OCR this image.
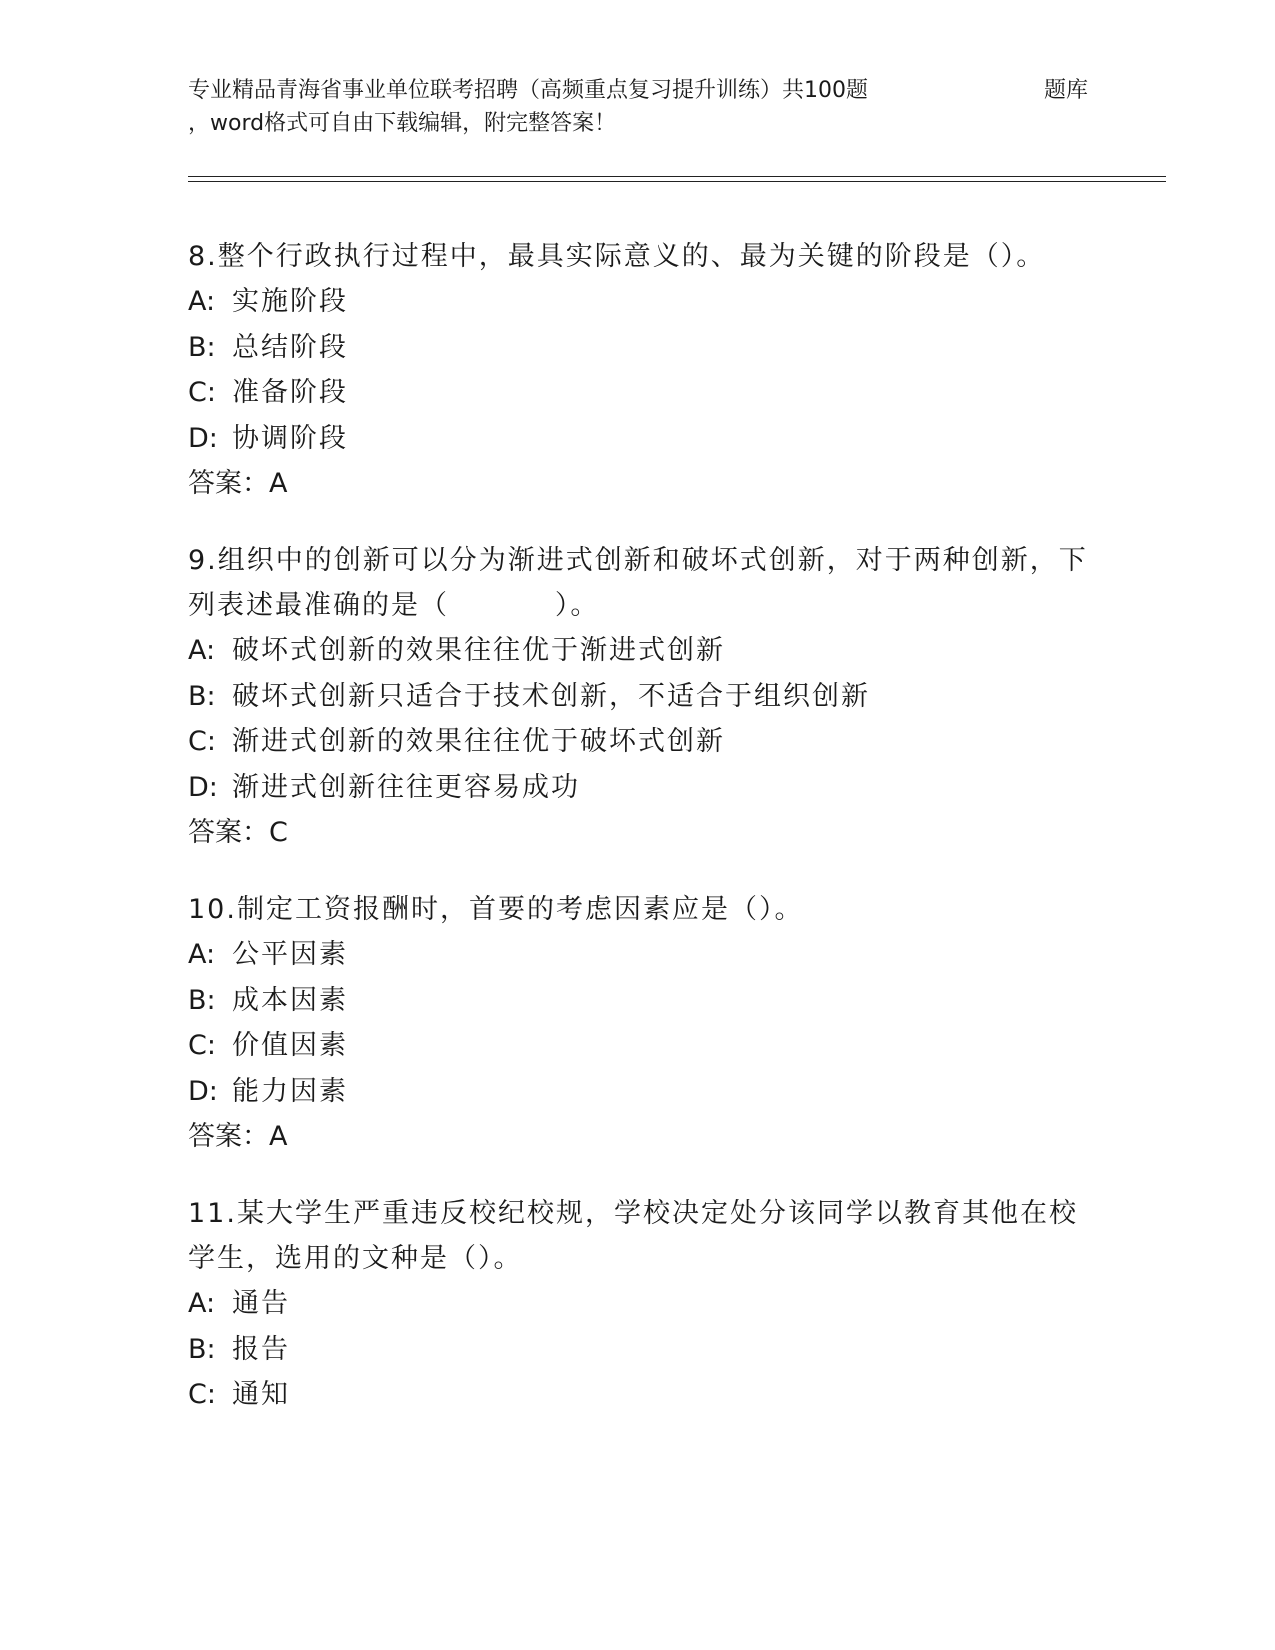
专业精品青海省事业单位联考招聘（高频重点复习提升训练）共100题	题库
，word格式可自由下载编辑，附完整答案！
8.整个行政执行过程中，最具实际意义的、最为关键的阶段是（）。
A: 实施阶段
B: 总结阶段
C: 准备阶段
D: 协调阶段
答案：A
9.组织中的创新可以分为渐进式创新和破坏式创新，对于两种创新，下列表述最准确的是（          ）。
A: 破坏式创新的效果往往优于渐进式创新
B: 破坏式创新只适合于技术创新，不适合于组织创新
C: 渐进式创新的效果往往优于破坏式创新
D: 渐进式创新往往更容易成功
答案：C
10.制定工资报酬时，首要的考虑因素应是（）。
A: 公平因素
B: 成本因素
C: 价值因素
D: 能力因素
答案：A
11.某大学生严重违反校纪校规，学校决定处分该同学以教育其他在校学生，选用的文种是（）。
A: 通告
B: 报告
C: 通知
